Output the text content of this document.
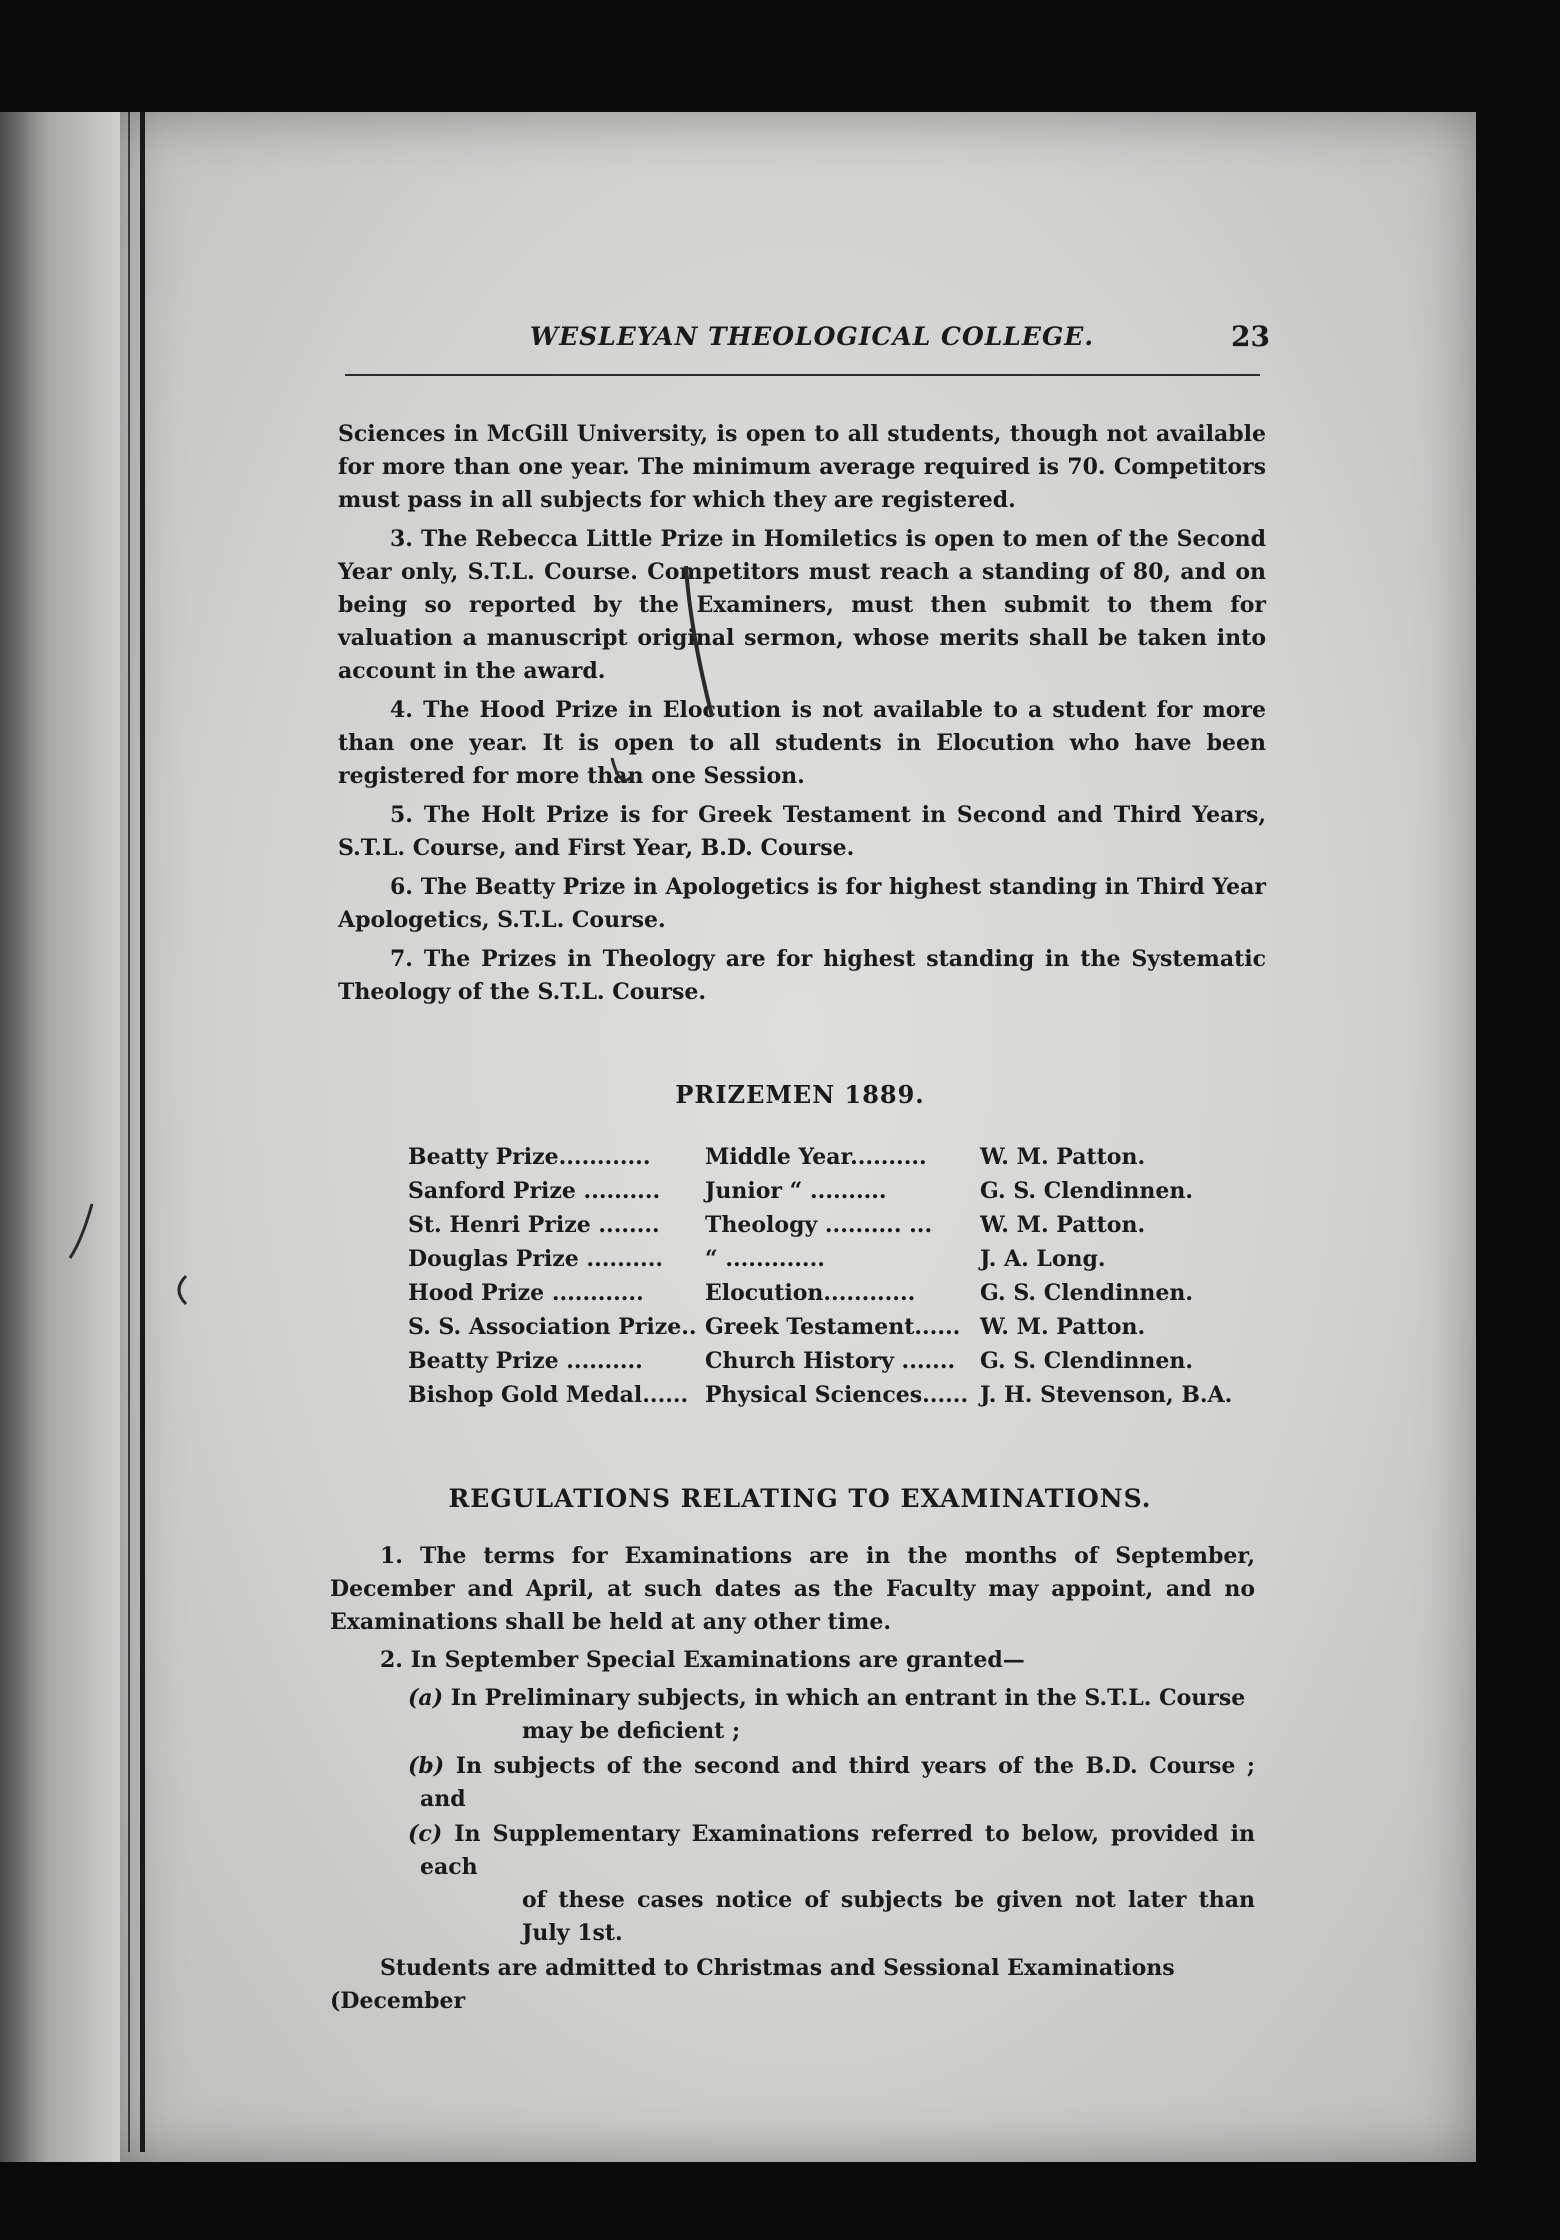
WESLEYAN THEOLOGICAL COLLEGE.	23

Sciences in McGill University, is open to all students, though not available for more than one year. The minimum average required is 70. Competitors must pass in all subjects for which they are registered.

3. The Rebecca Little Prize in Homiletics is open to men of the Second Year only, S.T.L. Course. Competitors must reach a standing of 80, and on being so reported by the Examiners, must then submit to them for valuation a manuscript original sermon, whose merits shall be taken into account in the award.

4. The Hood Prize in Elocution is not available to a student for more than one year. It is open to all students in Elocution who have been registered for more than one Session.

5. The Holt Prize is for Greek Testament in Second and Third Years, S.T.L. Course, and First Year, B.D. Course.

6. The Beatty Prize in Apologetics is for highest standing in Third Year Apologetics, S.T.L. Course.

7. The Prizes in Theology are for highest standing in the Systematic Theology of the S.T.L. Course.

PRIZEMEN 1889.
Beatty Prize............	Middle Year..........	W. M. Patton.
Sanford Prize ..........	Junior “ ..........	G. S. Clendinnen.
St. Henri Prize ........	Theology .......... ...	W. M. Patton.
Douglas Prize ..........	“ .............	J. A. Long.
Hood Prize ............	Elocution............	G. S. Clendinnen.
S. S. Association Prize.. Greek Testament...... W. M. Patton.
Beatty Prize ..........	Church History .......	G. S. Clendinnen.
Bishop Gold Medal...... Physical Sciences...... J. H. Stevenson, B.A.
REGULATIONS RELATING TO EXAMINATIONS.

1. The terms for Examinations are in the months of September, December and April, at such dates as the Faculty may appoint, and no Examinations shall be held at any other time.

2. In September Special Examinations are granted—

(a) In Preliminary subjects, in which an entrant in the S.T.L. Course
may be deficient ;

(b) In subjects of the second and third years of the B.D. Course ; and

(c) In Supplementary Examinations referred to below, provided in each
of these cases notice of subjects be given not later than July 1st.

Students are admitted to Christmas and Sessional Examinations (December
